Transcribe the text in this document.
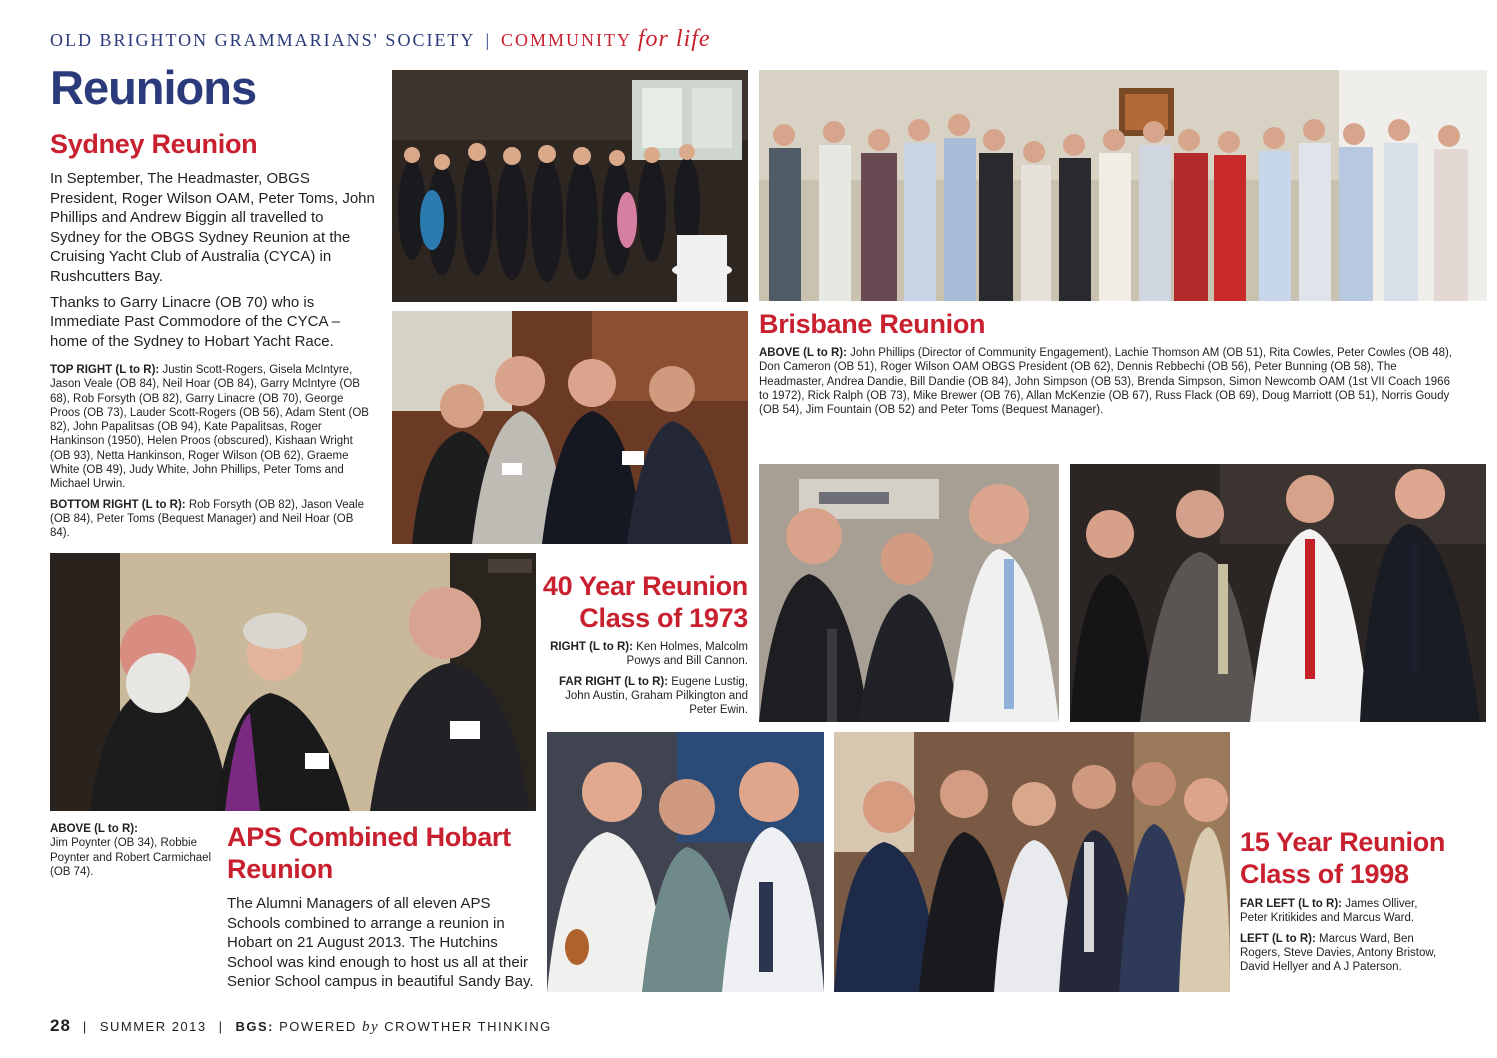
OLD BRIGHTON GRAMMARIANS' SOCIETY | COMMUNITY for life
Reunions
Sydney Reunion

In September, The Headmaster, OBGS President, Roger Wilson OAM, Peter Toms, John Phillips and Andrew Biggin all travelled to Sydney for the OBGS Sydney Reunion at the Cruising Yacht Club of Australia (CYCA) in Rushcutters Bay.

Thanks to Garry Linacre (OB 70) who is Immediate Past Commodore of the CYCA – home of the Sydney to Hobart Yacht Race.

TOP RIGHT (L to R): Justin Scott-Rogers, Gisela McIntyre, Jason Veale (OB 84), Neil Hoar (OB 84), Garry McIntyre (OB 68), Rob Forsyth (OB 82), Garry Linacre (OB 70), George Proos (OB 73), Lauder Scott-Rogers (OB 56), Adam Stent (OB 82), John Papalitsas (OB 94), Kate Papalitsas, Roger Hankinson (1950), Helen Proos (obscured), Kishaan Wright (OB 93), Netta Hankinson, Roger Wilson (OB 62), Graeme White (OB 49), Judy White, John Phillips, Peter Toms and Michael Urwin.

BOTTOM RIGHT (L to R): Rob Forsyth (OB 82), Jason Veale (OB 84), Peter Toms (Bequest Manager) and Neil Hoar (OB 84).

Brisbane Reunion

ABOVE (L to R): John Phillips (Director of Community Engagement), Lachie Thomson AM (OB 51), Rita Cowles, Peter Cowles (OB 48), Don Cameron (OB 51), Roger Wilson OAM OBGS President (OB 62), Dennis Rebbechi (OB 56), Peter Bunning (OB 58), The Headmaster, Andrea Dandie, Bill Dandie (OB 84), John Simpson (OB 53), Brenda Simpson, Simon Newcomb OAM (1st VII Coach 1966 to 1972), Rick Ralph (OB 73), Mike Brewer (OB 76), Allan McKenzie (OB 67), Russ Flack (OB 69), Doug Marriott (OB 51), Norris Goudy (OB 54), Jim Fountain (OB 52) and Peter Toms (Bequest Manager).

40 Year Reunion
Class of 1973

RIGHT (L to R): Ken Holmes, Malcolm Powys and Bill Cannon.

FAR RIGHT (L to R): Eugene Lustig, John Austin, Graham Pilkington and Peter Ewin.

ABOVE (L to R):
Jim Poynter (OB 34), Robbie Poynter and Robert Carmichael (OB 74).

APS Combined Hobart
Reunion

The Alumni Managers of all eleven APS Schools combined to arrange a reunion in Hobart on 21 August 2013. The Hutchins School was kind enough to host us all at their Senior School campus in beautiful Sandy Bay.

15 Year Reunion
Class of 1998

FAR LEFT (L to R): James Olliver, Peter Kritikides and Marcus Ward.

LEFT (L to R): Marcus Ward, Ben Rogers, Steve Davies, Antony Bristow, David Hellyer and A J Paterson.

28 | SUMMER 2013 | BGS: POWERED by CROWTHER THINKING
